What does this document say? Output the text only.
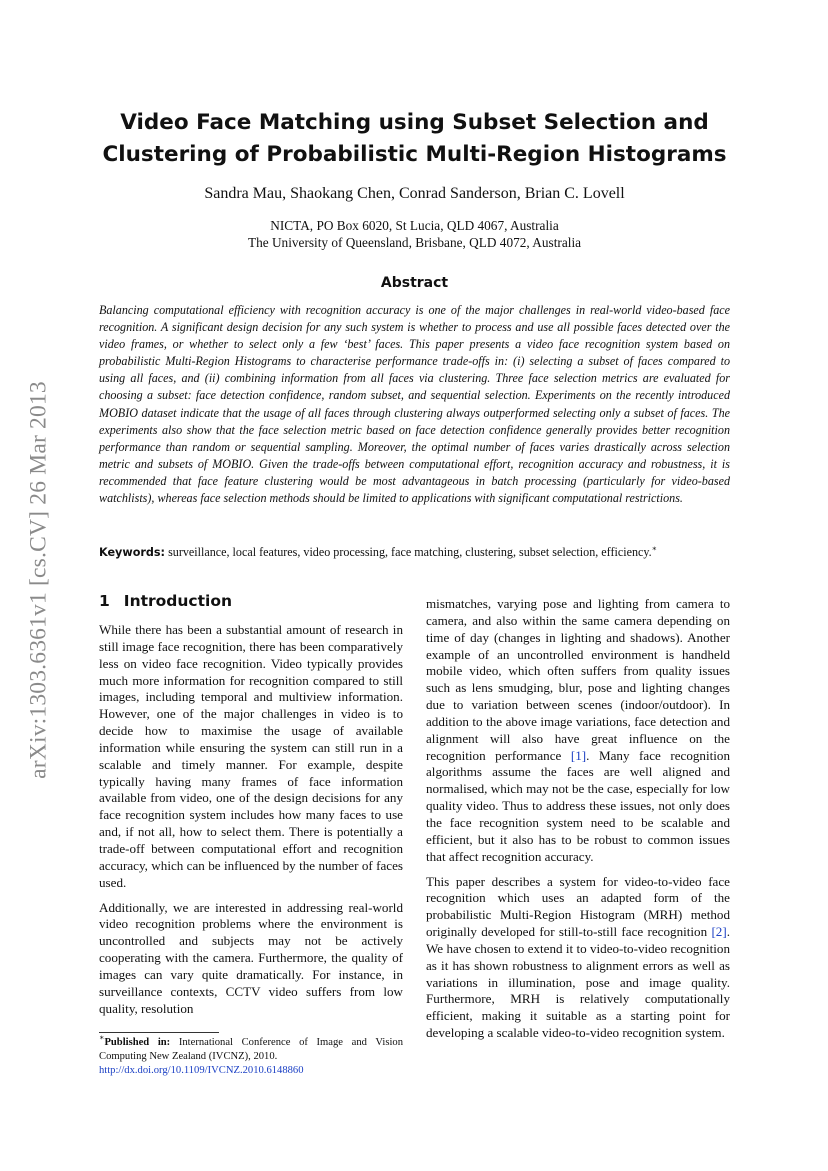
arXiv:1303.6361v1 [cs.CV] 26 Mar 2013
Video Face Matching using Subset Selection and
Clustering of Probabilistic Multi-Region Histograms
Sandra Mau, Shaokang Chen, Conrad Sanderson, Brian C. Lovell
NICTA, PO Box 6020, St Lucia, QLD 4067, Australia
The University of Queensland, Brisbane, QLD 4072, Australia
Abstract
Balancing computational efficiency with recognition accuracy is one of the major challenges in real-world video-based face recognition. A significant design decision for any such system is whether to process and use all possible faces detected over the video frames, or whether to select only a few ‘best’ faces. This paper presents a video face recognition system based on probabilistic Multi-Region Histograms to characterise performance trade-offs in: (i) selecting a subset of faces compared to using all faces, and (ii) combining information from all faces via clustering. Three face selection metrics are evaluated for choosing a subset: face detection confidence, random subset, and sequential selection. Experiments on the recently introduced MOBIO dataset indicate that the usage of all faces through clustering always outperformed selecting only a subset of faces. The experiments also show that the face selection metric based on face detection confidence generally provides better recognition performance than random or sequential sampling. Moreover, the optimal number of faces varies drastically across selection metric and subsets of MOBIO. Given the trade-offs between computational effort, recognition accuracy and robustness, it is recommended that face feature clustering would be most advantageous in batch processing (particularly for video-based watchlists), whereas face selection methods should be limited to applications with significant computational restrictions.
Keywords: surveillance, local features, video processing, face matching, clustering, subset selection, efficiency.∗
1 Introduction

While there has been a substantial amount of research in still image face recognition, there has been comparatively less on video face recognition. Video typically provides much more information for recognition compared to still images, including temporal and multiview information. However, one of the major challenges in video is to decide how to maximise the usage of available information while ensuring the system can still run in a scalable and timely manner. For example, despite typically having many frames of face information available from video, one of the design decisions for any face recognition system includes how many faces to use and, if not all, how to select them. There is potentially a trade-off between computational effort and recognition accuracy, which can be influenced by the number of faces used.

Additionally, we are interested in addressing real-world video recognition problems where the environment is uncontrolled and subjects may not be actively cooperating with the camera. Furthermore, the quality of images can vary quite dramatically. For instance, in surveillance contexts, CCTV video suffers from low quality, resolution

mismatches, varying pose and lighting from camera to camera, and also within the same camera depending on time of day (changes in lighting and shadows). Another example of an uncontrolled environment is handheld mobile video, which often suffers from quality issues such as lens smudging, blur, pose and lighting changes due to variation between scenes (indoor/outdoor). In addition to the above image variations, face detection and alignment will also have great influence on the recognition performance [1]. Many face recognition algorithms assume the faces are well aligned and normalised, which may not be the case, especially for low quality video. Thus to address these issues, not only does the face recognition system need to be scalable and efficient, but it also has to be robust to common issues that affect recognition accuracy.

This paper describes a system for video-to-video face recognition which uses an adapted form of the probabilistic Multi-Region Histogram (MRH) method originally developed for still-to-still face recognition [2]. We have chosen to extend it to video-to-video recognition as it has shown robustness to alignment errors as well as variations in illumination, pose and image quality. Furthermore, MRH is relatively computationally efficient, making it suitable as a starting point for developing a scalable video-to-video recognition system.

∗Published in: International Conference of Image and Vision Computing New Zealand (IVCNZ), 2010.
http://dx.doi.org/10.1109/IVCNZ.2010.6148860
